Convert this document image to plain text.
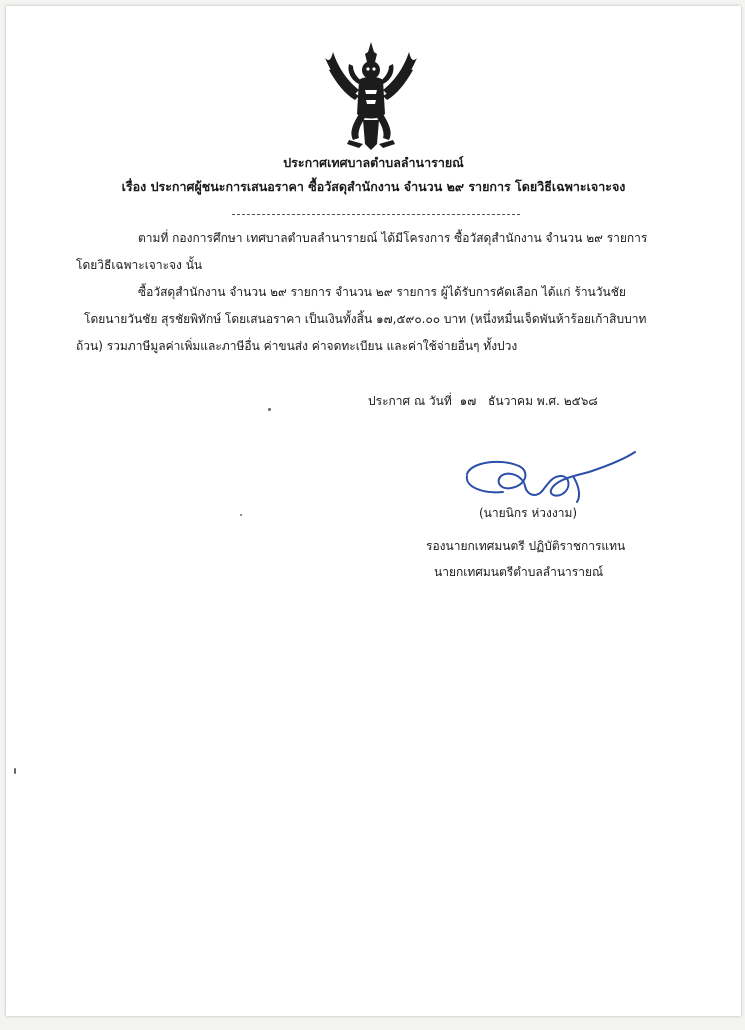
ประกาศเทศบาลตำบลลำนารายณ์
เรื่อง ประกาศผู้ชนะการเสนอราคา ซื้อวัสดุสำนักงาน จำนวน ๒๙ รายการ โดยวิธีเฉพาะเจาะจง
ตามที่ กองการศึกษา เทศบาลตำบลลำนารายณ์ ได้มีโครงการ ซื้อวัสดุสำนักงาน จำนวน ๒๙ รายการ
โดยวิธีเฉพาะเจาะจง นั้น
ซื้อวัสดุสำนักงาน จำนวน ๒๙ รายการ จำนวน ๒๙ รายการ ผู้ได้รับการคัดเลือก ได้แก่ ร้านวันชัย
โดยนายวันชัย สุรชัยพิทักษ์ โดยเสนอราคา เป็นเงินทั้งสิ้น ๑๗,๕๙๐.๐๐ บาท (หนึ่งหมื่นเจ็ดพันห้าร้อยเก้าสิบบาท
ถ้วน) รวมภาษีมูลค่าเพิ่มและภาษีอื่น ค่าขนส่ง ค่าจดทะเบียน และค่าใช้จ่ายอื่นๆ ทั้งปวง
ประกาศ ณ วันที่ ๑๗ ธันวาคม พ.ศ. ๒๕๖๘
(นายนิกร ห่วงงาม)
รองนายกเทศมนตรี ปฏิบัติราชการแทน
นายกเทศมนตรีตำบลลำนารายณ์
